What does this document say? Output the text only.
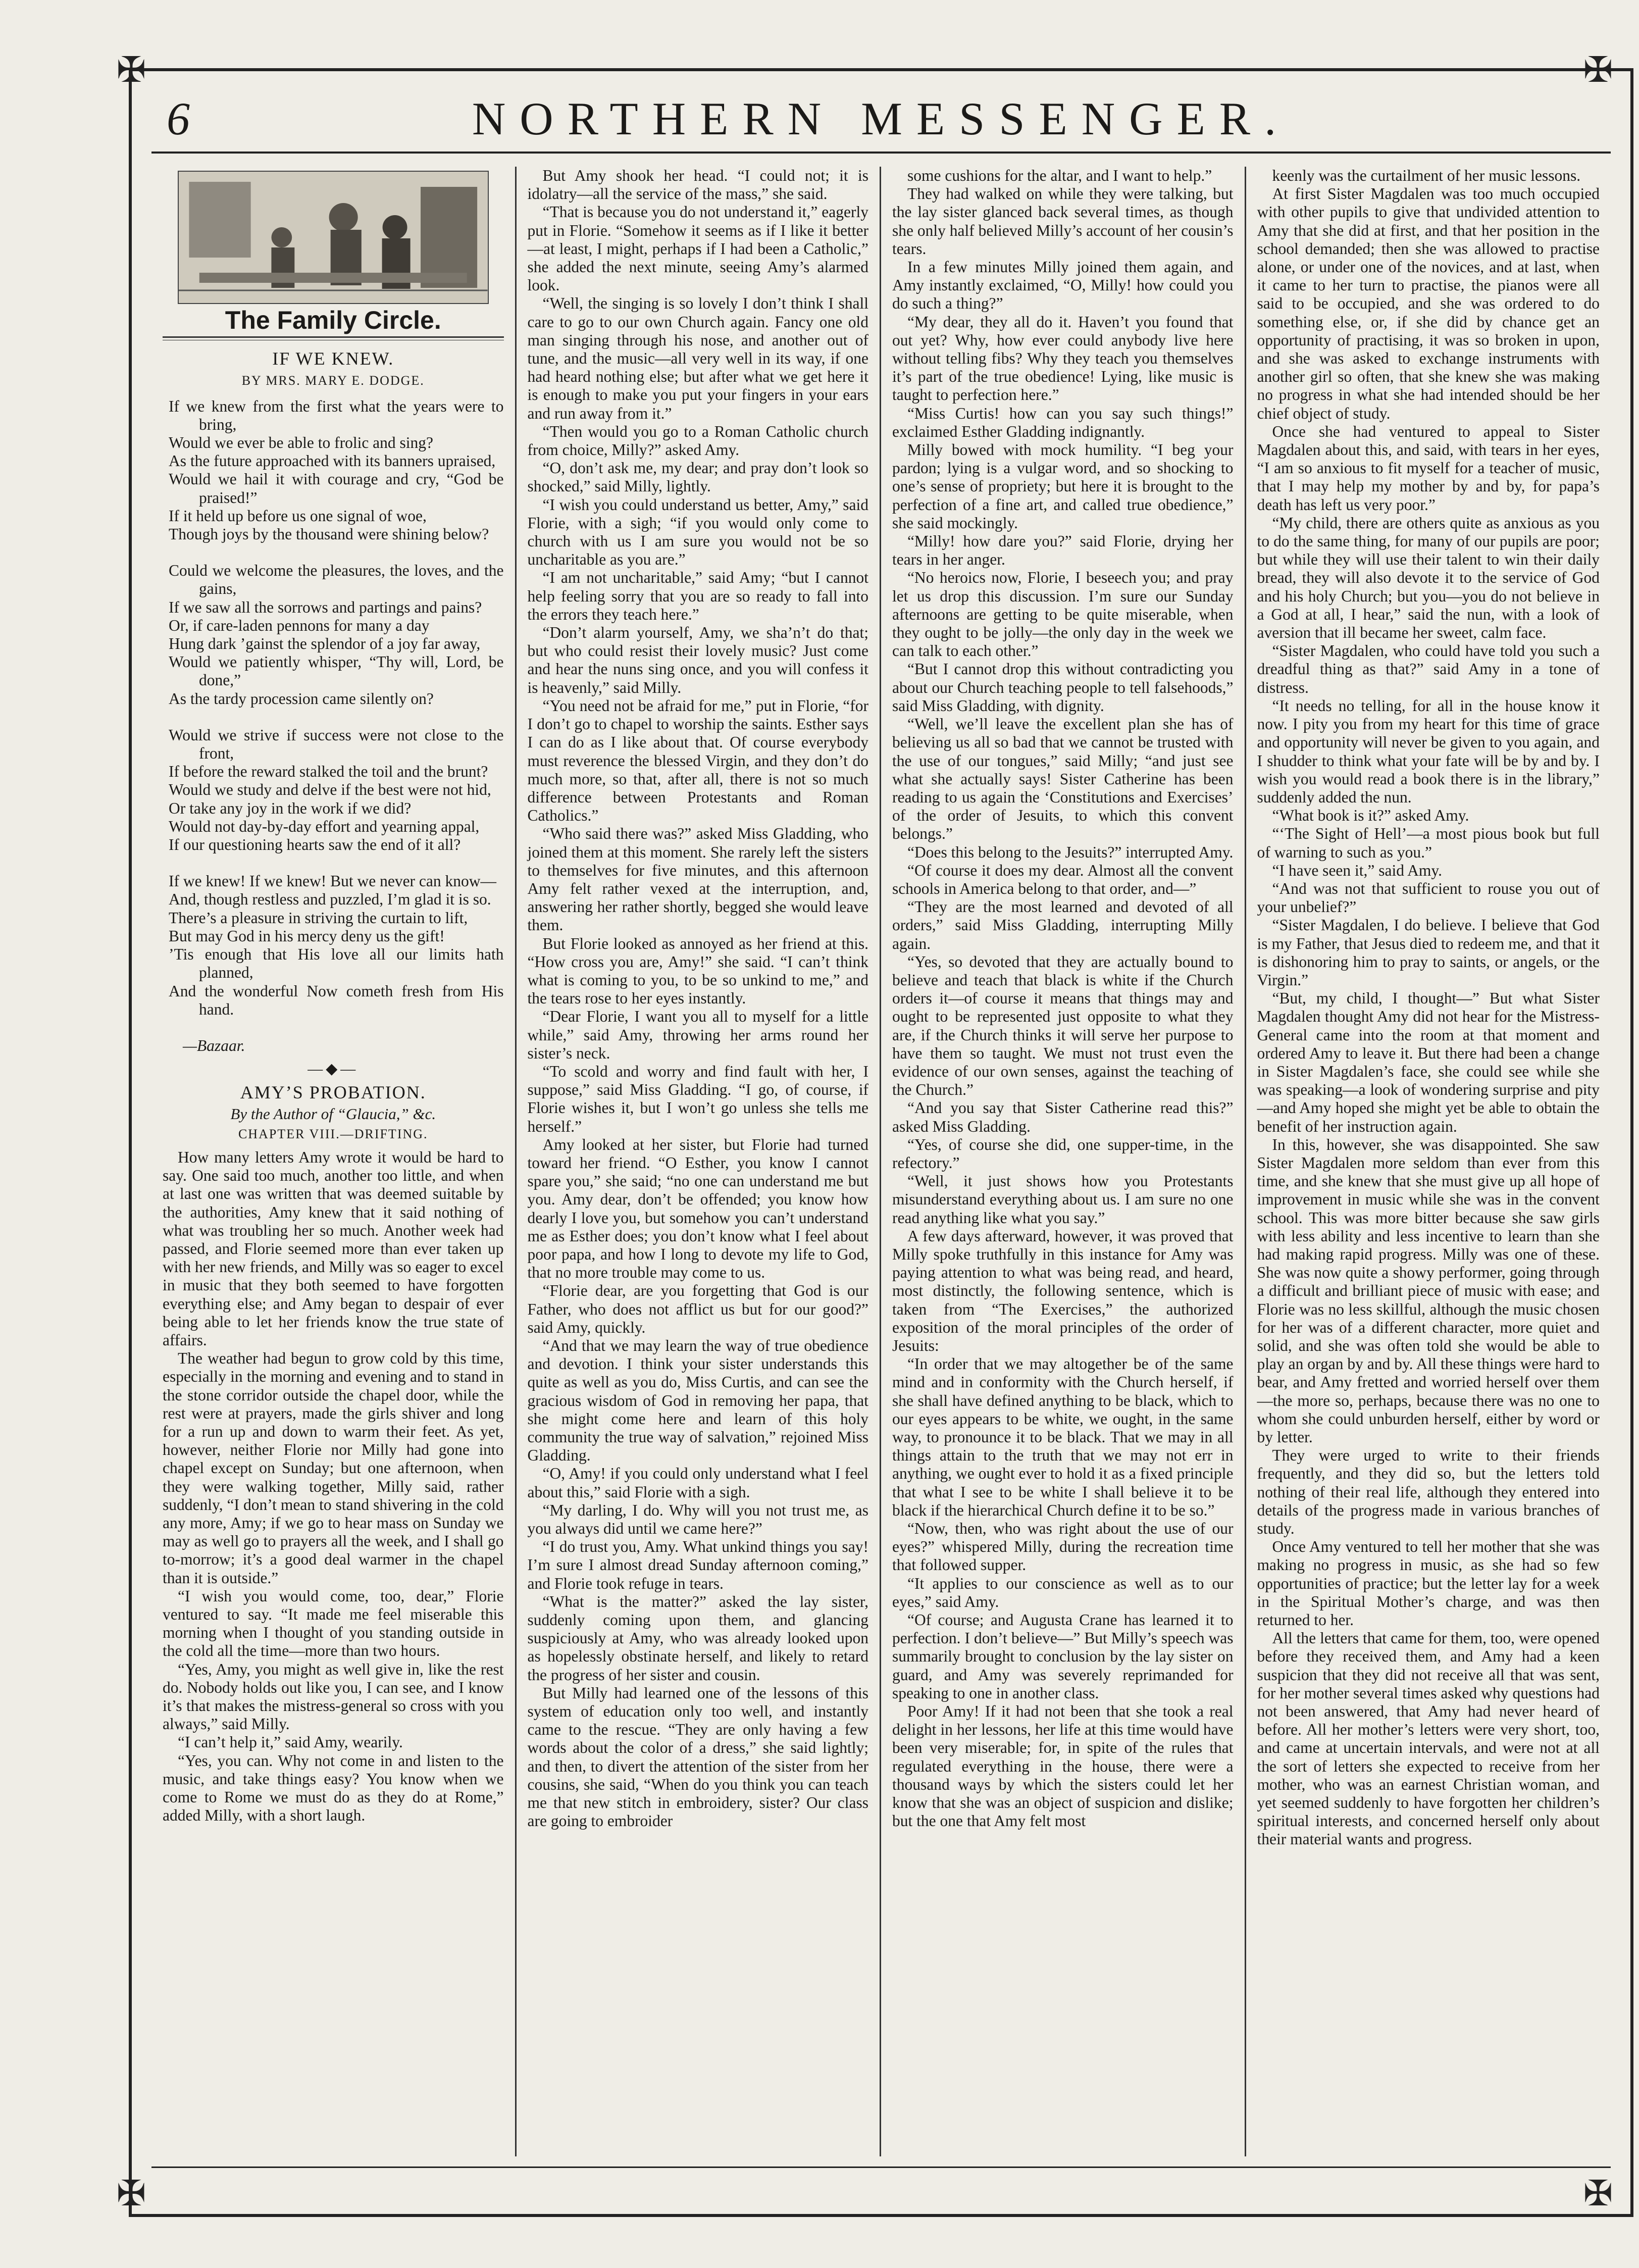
✠	✠
✠	✠
6	NORTHERN MESSENGER.
The Family Circle.
IF WE KNEW.
BY MRS. MARY E. DODGE.
If we knew from the first what the years were to bring,
Would we ever be able to frolic and sing?
As the future approached with its banners upraised,
Would we hail it with courage and cry, “God be praised!”
If it held up before us one signal of woe,
Though joys by the thousand were shining below?
Could we welcome the pleasures, the loves, and the gains,
If we saw all the sorrows and partings and pains?
Or, if care-laden pennons for many a day
Hung dark ’gainst the splendor of a joy far away,
Would we patiently whisper, “Thy will, Lord, be done,”
As the tardy procession came silently on?
Would we strive if success were not close to the front,
If before the reward stalked the toil and the brunt?
Would we study and delve if the best were not hid,
Or take any joy in the work if we did?
Would not day-by-day effort and yearning appal,
If our questioning hearts saw the end of it all?
If we knew! If we knew! But we never can know—
And, though restless and puzzled, I’m glad it is so.
There’s a pleasure in striving the curtain to lift,
But may God in his mercy deny us the gift!
’Tis enough that His love all our limits hath planned,
And the wonderful Now cometh fresh from His hand.
—Bazaar.
—◆—
AMY’S PROBATION.
By the Author of “Glaucia,” &c.
CHAPTER VIII.—DRIFTING.

How many letters Amy wrote it would be hard to say. One said too much, another too little, and when at last one was written that was deemed suitable by the authorities, Amy knew that it said nothing of what was troubling her so much. Another week had passed, and Florie seemed more than ever taken up with her new friends, and Milly was so eager to excel in music that they both seemed to have forgotten everything else; and Amy began to despair of ever being able to let her friends know the true state of affairs.

The weather had begun to grow cold by this time, especially in the morning and evening and to stand in the stone corridor outside the chapel door, while the rest were at prayers, made the girls shiver and long for a run up and down to warm their feet. As yet, however, neither Florie nor Milly had gone into chapel except on Sunday; but one afternoon, when they were walking together, Milly said, rather suddenly, “I don’t mean to stand shivering in the cold any more, Amy; if we go to hear mass on Sunday we may as well go to prayers all the week, and I shall go to-morrow; it’s a good deal warmer in the chapel than it is outside.”

“I wish you would come, too, dear,” Florie ventured to say. “It made me feel miserable this morning when I thought of you standing outside in the cold all the time—more than two hours.

“Yes, Amy, you might as well give in, like the rest do. Nobody holds out like you, I can see, and I know it’s that makes the mistress-general so cross with you always,” said Milly.

“I can’t help it,” said Amy, wearily.

“Yes, you can. Why not come in and listen to the music, and take things easy? You know when we come to Rome we must do as they do at Rome,” added Milly, with a short laugh.

But Amy shook her head. “I could not; it is idolatry—all the service of the mass,” she said.

“That is because you do not understand it,” eagerly put in Florie. “Somehow it seems as if I like it better—at least, I might, perhaps if I had been a Catholic,” she added the next minute, seeing Amy’s alarmed look.

“Well, the singing is so lovely I don’t think I shall care to go to our own Church again. Fancy one old man singing through his nose, and another out of tune, and the music—all very well in its way, if one had heard nothing else; but after what we get here it is enough to make you put your fingers in your ears and run away from it.”

“Then would you go to a Roman Catholic church from choice, Milly?” asked Amy.

“O, don’t ask me, my dear; and pray don’t look so shocked,” said Milly, lightly.

“I wish you could understand us better, Amy,” said Florie, with a sigh; “if you would only come to church with us I am sure you would not be so uncharitable as you are.”

“I am not uncharitable,” said Amy; “but I cannot help feeling sorry that you are so ready to fall into the errors they teach here.”

“Don’t alarm yourself, Amy, we sha’n’t do that; but who could resist their lovely music? Just come and hear the nuns sing once, and you will confess it is heavenly,” said Milly.

“You need not be afraid for me,” put in Florie, “for I don’t go to chapel to worship the saints. Esther says I can do as I like about that. Of course everybody must reverence the blessed Virgin, and they don’t do much more, so that, after all, there is not so much difference between Protestants and Roman Catholics.”

“Who said there was?” asked Miss Gladding, who joined them at this moment. She rarely left the sisters to themselves for five minutes, and this afternoon Amy felt rather vexed at the interruption, and, answering her rather shortly, begged she would leave them.

But Florie looked as annoyed as her friend at this. “How cross you are, Amy!” she said. “I can’t think what is coming to you, to be so unkind to me,” and the tears rose to her eyes instantly.

“Dear Florie, I want you all to myself for a little while,” said Amy, throwing her arms round her sister’s neck.

“To scold and worry and find fault with her, I suppose,” said Miss Gladding. “I go, of course, if Florie wishes it, but I won’t go unless she tells me herself.”

Amy looked at her sister, but Florie had turned toward her friend. “O Esther, you know I cannot spare you,” she said; “no one can understand me but you. Amy dear, don’t be offended; you know how dearly I love you, but somehow you can’t understand me as Esther does; you don’t know what I feel about poor papa, and how I long to devote my life to God, that no more trouble may come to us.

“Florie dear, are you forgetting that God is our Father, who does not afflict us but for our good?” said Amy, quickly.

“And that we may learn the way of true obedience and devotion. I think your sister understands this quite as well as you do, Miss Curtis, and can see the gracious wisdom of God in removing her papa, that she might come here and learn of this holy community the true way of salvation,” rejoined Miss Gladding.

“O, Amy! if you could only understand what I feel about this,” said Florie with a sigh.

“My darling, I do. Why will you not trust me, as you always did until we came here?”

“I do trust you, Amy. What unkind things you say! I’m sure I almost dread Sunday afternoon coming,” and Florie took refuge in tears.

“What is the matter?” asked the lay sister, suddenly coming upon them, and glancing suspiciously at Amy, who was already looked upon as hopelessly obstinate herself, and likely to retard the progress of her sister and cousin.

But Milly had learned one of the lessons of this system of education only too well, and instantly came to the rescue. “They are only having a few words about the color of a dress,” she said lightly; and then, to divert the attention of the sister from her cousins, she said, “When do you think you can teach me that new stitch in embroidery, sister? Our class are going to embroider

some cushions for the altar, and I want to help.”

They had walked on while they were talking, but the lay sister glanced back several times, as though she only half believed Milly’s account of her cousin’s tears.

In a few minutes Milly joined them again, and Amy instantly exclaimed, “O, Milly! how could you do such a thing?”

“My dear, they all do it. Haven’t you found that out yet? Why, how ever could anybody live here without telling fibs? Why they teach you themselves it’s part of the true obedience! Lying, like music is taught to perfection here.”

“Miss Curtis! how can you say such things!” exclaimed Esther Gladding indignantly.

Milly bowed with mock humility. “I beg your pardon; lying is a vulgar word, and so shocking to one’s sense of propriety; but here it is brought to the perfection of a fine art, and called true obedience,” she said mockingly.

“Milly! how dare you?” said Florie, drying her tears in her anger.

“No heroics now, Florie, I beseech you; and pray let us drop this discussion. I’m sure our Sunday afternoons are getting to be quite miserable, when they ought to be jolly—the only day in the week we can talk to each other.”

“But I cannot drop this without contradicting you about our Church teaching people to tell falsehoods,” said Miss Gladding, with dignity.

“Well, we’ll leave the excellent plan she has of believing us all so bad that we cannot be trusted with the use of our tongues,” said Milly; “and just see what she actually says! Sister Catherine has been reading to us again the ‘Constitutions and Exercises’ of the order of Jesuits, to which this convent belongs.”

“Does this belong to the Jesuits?” interrupted Amy.

“Of course it does my dear. Almost all the convent schools in America belong to that order, and—”

“They are the most learned and devoted of all orders,” said Miss Gladding, interrupting Milly again.

“Yes, so devoted that they are actually bound to believe and teach that black is white if the Church orders it—of course it means that things may and ought to be represented just opposite to what they are, if the Church thinks it will serve her purpose to have them so taught. We must not trust even the evidence of our own senses, against the teaching of the Church.”

“And you say that Sister Catherine read this?” asked Miss Gladding.

“Yes, of course she did, one supper-time, in the refectory.”

“Well, it just shows how you Protestants misunderstand everything about us. I am sure no one read anything like what you say.”

A few days afterward, however, it was proved that Milly spoke truthfully in this instance for Amy was paying attention to what was being read, and heard, most distinctly, the following sentence, which is taken from “The Exercises,” the authorized exposition of the moral principles of the order of Jesuits:

“In order that we may altogether be of the same mind and in conformity with the Church herself, if she shall have defined anything to be black, which to our eyes appears to be white, we ought, in the same way, to pronounce it to be black. That we may in all things attain to the truth that we may not err in anything, we ought ever to hold it as a fixed principle that what I see to be white I shall believe it to be black if the hierarchical Church define it to be so.”

“Now, then, who was right about the use of our eyes?” whispered Milly, during the recreation time that followed supper.

“It applies to our conscience as well as to our eyes,” said Amy.

“Of course; and Augusta Crane has learned it to perfection. I don’t believe—” But Milly’s speech was summarily brought to conclusion by the lay sister on guard, and Amy was severely reprimanded for speaking to one in another class.

Poor Amy! If it had not been that she took a real delight in her lessons, her life at this time would have been very miserable; for, in spite of the rules that regulated everything in the house, there were a thousand ways by which the sisters could let her know that she was an object of suspicion and dislike; but the one that Amy felt most

keenly was the curtailment of her music lessons.

At first Sister Magdalen was too much occupied with other pupils to give that undivided attention to Amy that she did at first, and that her position in the school demanded; then she was allowed to practise alone, or under one of the novices, and at last, when it came to her turn to practise, the pianos were all said to be occupied, and she was ordered to do something else, or, if she did by chance get an opportunity of practising, it was so broken in upon, and she was asked to exchange instruments with another girl so often, that she knew she was making no progress in what she had intended should be her chief object of study.

Once she had ventured to appeal to Sister Magdalen about this, and said, with tears in her eyes, “I am so anxious to fit myself for a teacher of music, that I may help my mother by and by, for papa’s death has left us very poor.”

“My child, there are others quite as anxious as you to do the same thing, for many of our pupils are poor; but while they will use their talent to win their daily bread, they will also devote it to the service of God and his holy Church; but you—you do not believe in a God at all, I hear,” said the nun, with a look of aversion that ill became her sweet, calm face.

“Sister Magdalen, who could have told you such a dreadful thing as that?” said Amy in a tone of distress.

“It needs no telling, for all in the house know it now. I pity you from my heart for this time of grace and opportunity will never be given to you again, and I shudder to think what your fate will be by and by. I wish you would read a book there is in the library,” suddenly added the nun.

“What book is it?” asked Amy.

“‘The Sight of Hell’—a most pious book but full of warning to such as you.”

“I have seen it,” said Amy.

“And was not that sufficient to rouse you out of your unbelief?”

“Sister Magdalen, I do believe. I believe that God is my Father, that Jesus died to redeem me, and that it is dishonoring him to pray to saints, or angels, or the Virgin.”

“But, my child, I thought—” But what Sister Magdalen thought Amy did not hear for the Mistress-General came into the room at that moment and ordered Amy to leave it. But there had been a change in Sister Magdalen’s face, she could see while she was speaking—a look of wondering surprise and pity—and Amy hoped she might yet be able to obtain the benefit of her instruction again.

In this, however, she was disappointed. She saw Sister Magdalen more seldom than ever from this time, and she knew that she must give up all hope of improvement in music while she was in the convent school. This was more bitter because she saw girls with less ability and less incentive to learn than she had making rapid progress. Milly was one of these. She was now quite a showy performer, going through a difficult and brilliant piece of music with ease; and Florie was no less skillful, although the music chosen for her was of a different character, more quiet and solid, and she was often told she would be able to play an organ by and by. All these things were hard to bear, and Amy fretted and worried herself over them—the more so, perhaps, because there was no one to whom she could unburden herself, either by word or by letter.

They were urged to write to their friends frequently, and they did so, but the letters told nothing of their real life, although they entered into details of the progress made in various branches of study.

Once Amy ventured to tell her mother that she was making no progress in music, as she had so few opportunities of practice; but the letter lay for a week in the Spiritual Mother’s charge, and was then returned to her.

All the letters that came for them, too, were opened before they received them, and Amy had a keen suspicion that they did not receive all that was sent, for her mother several times asked why questions had not been answered, that Amy had never heard of before. All her mother’s letters were very short, too, and came at uncertain intervals, and were not at all the sort of letters she expected to receive from her mother, who was an earnest Christian woman, and yet seemed suddenly to have forgotten her children’s spiritual interests, and concerned herself only about their material wants and progress.
